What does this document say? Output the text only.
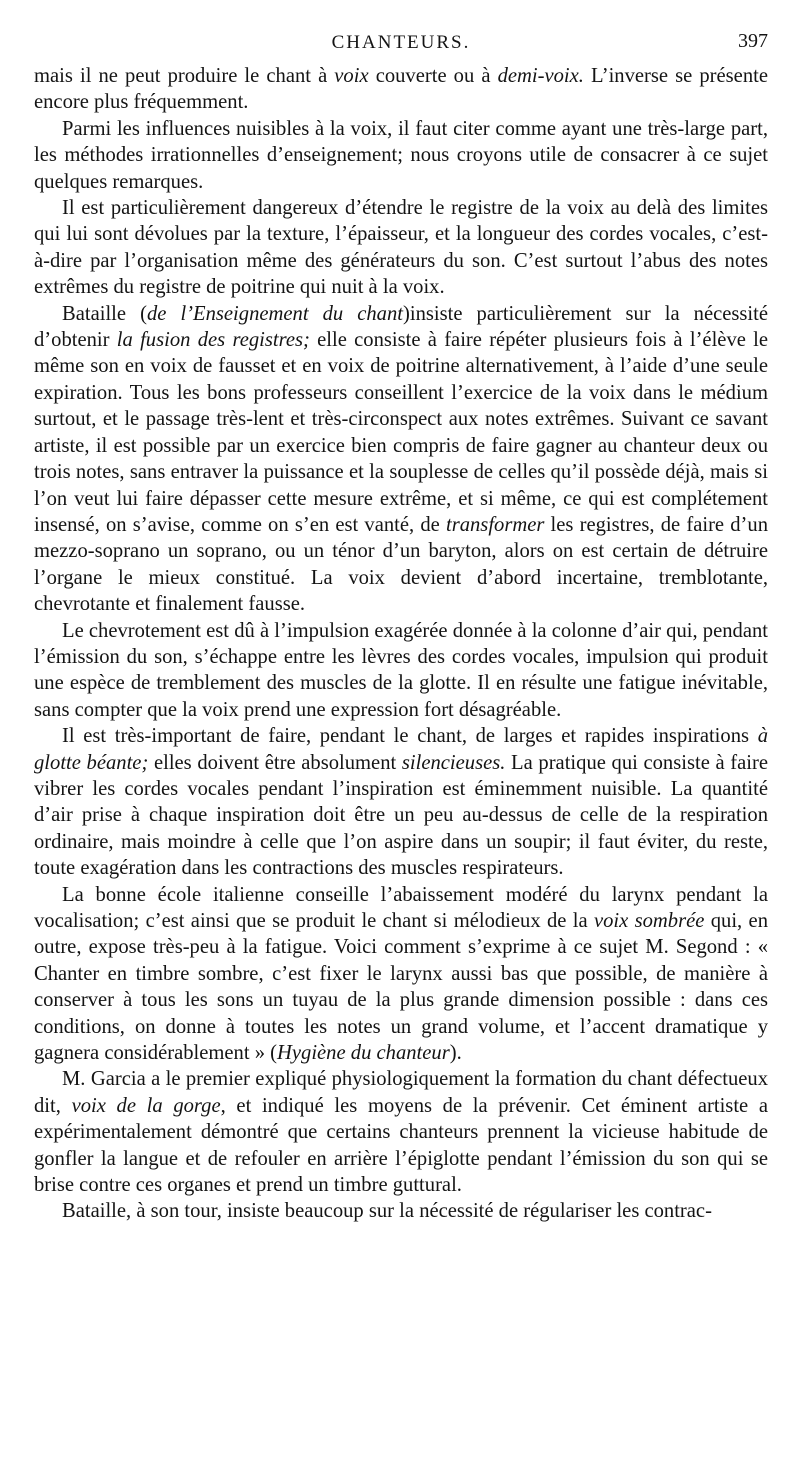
CHANTEURS.	397

mais il ne peut produire le chant à voix couverte ou à demi-voix. L’inverse se présente encore plus fréquemment.

Parmi les influences nuisibles à la voix, il faut citer comme ayant une très-large part, les méthodes irrationnelles d’enseignement; nous croyons utile de consacrer à ce sujet quelques remarques.

Il est particulièrement dangereux d’étendre le registre de la voix au delà des limites qui lui sont dévolues par la texture, l’épaisseur, et la longueur des cordes vocales, c’est-à-dire par l’organisation même des générateurs du son. C’est surtout l’abus des notes extrêmes du registre de poitrine qui nuit à la voix.

Bataille (de l’Enseignement du chant)insiste particulièrement sur la nécessité d’obtenir la fusion des registres; elle consiste à faire répéter plusieurs fois à l’élève le même son en voix de fausset et en voix de poitrine alternativement, à l’aide d’une seule expiration. Tous les bons professeurs conseillent l’exercice de la voix dans le médium surtout, et le passage très-lent et très-circonspect aux notes extrêmes. Suivant ce savant artiste, il est possible par un exercice bien compris de faire gagner au chanteur deux ou trois notes, sans entraver la puissance et la souplesse de celles qu’il possède déjà, mais si l’on veut lui faire dépasser cette mesure extrême, et si même, ce qui est complétement insensé, on s’avise, comme on s’en est vanté, de transformer les registres, de faire d’un mezzo-soprano un soprano, ou un ténor d’un baryton, alors on est certain de détruire l’organe le mieux constitué. La voix devient d’abord incertaine, tremblotante, chevrotante et finalement fausse.

Le chevrotement est dû à l’impulsion exagérée donnée à la colonne d’air qui, pendant l’émission du son, s’échappe entre les lèvres des cordes vocales, impulsion qui produit une espèce de tremblement des muscles de la glotte. Il en résulte une fatigue inévitable, sans compter que la voix prend une expression fort désagréable.

Il est très-important de faire, pendant le chant, de larges et rapides inspirations à glotte béante; elles doivent être absolument silencieuses. La pratique qui consiste à faire vibrer les cordes vocales pendant l’inspiration est éminemment nuisible. La quantité d’air prise à chaque inspiration doit être un peu au-dessus de celle de la respiration ordinaire, mais moindre à celle que l’on aspire dans un soupir; il faut éviter, du reste, toute exagération dans les contractions des muscles respirateurs.

La bonne école italienne conseille l’abaissement modéré du larynx pendant la vocalisation; c’est ainsi que se produit le chant si mélodieux de la voix sombrée qui, en outre, expose très-peu à la fatigue. Voici comment s’exprime à ce sujet M. Segond : « Chanter en timbre sombre, c’est fixer le larynx aussi bas que possible, de manière à conserver à tous les sons un tuyau de la plus grande dimension possible : dans ces conditions, on donne à toutes les notes un grand volume, et l’accent dramatique y gagnera considérablement » (Hygiène du chanteur).

M. Garcia a le premier expliqué physiologiquement la formation du chant défectueux dit, voix de la gorge, et indiqué les moyens de la prévenir. Cet éminent artiste a expérimentalement démontré que certains chanteurs prennent la vicieuse habitude de gonfler la langue et de refouler en arrière l’épiglotte pendant l’émission du son qui se brise contre ces organes et prend un timbre guttural.

Bataille, à son tour, insiste beaucoup sur la nécessité de régulariser les contrac-
